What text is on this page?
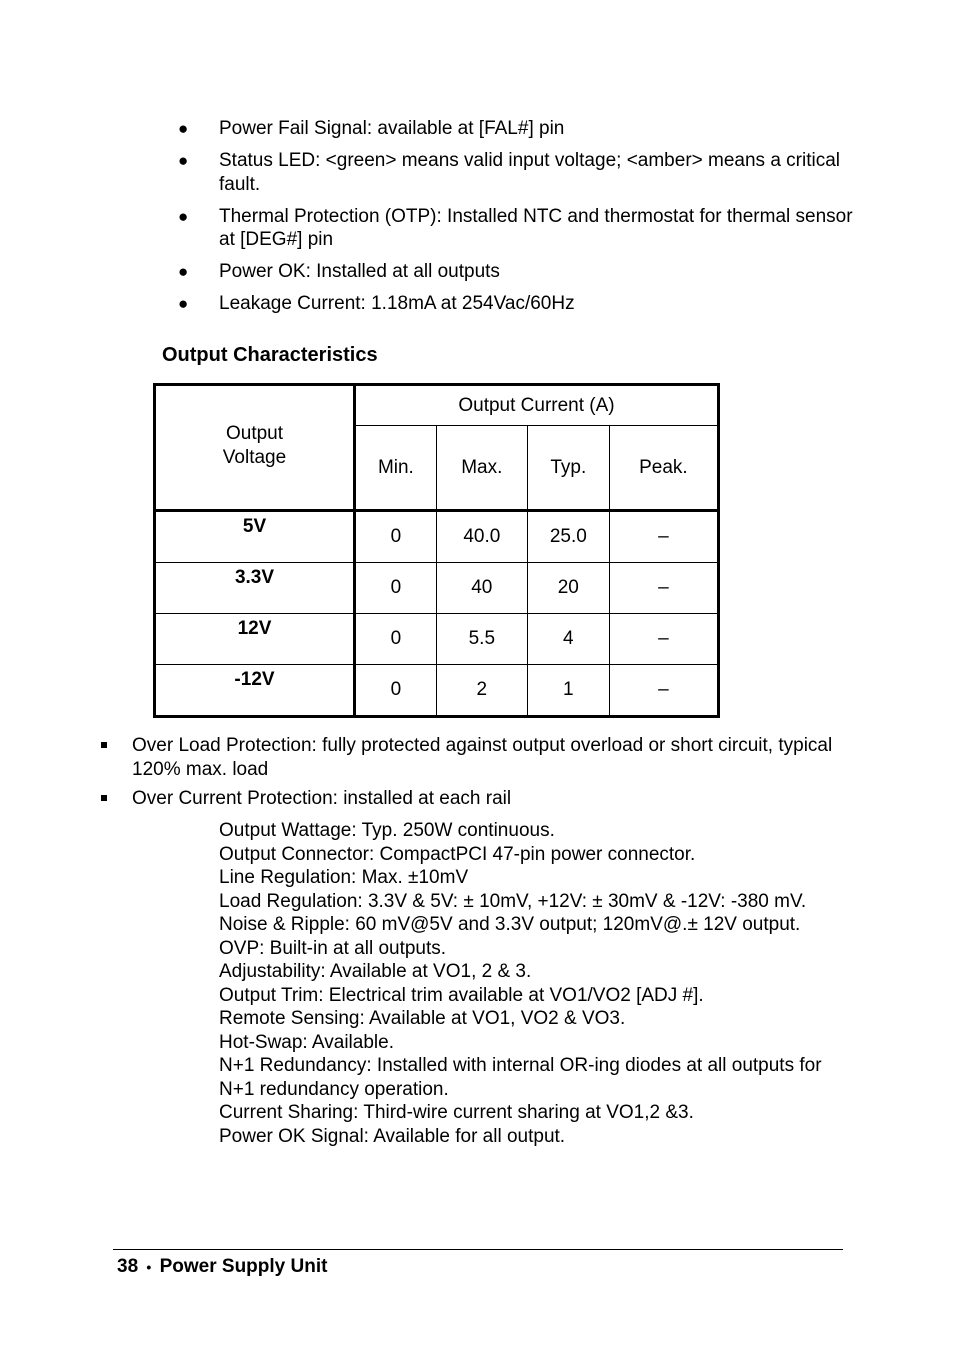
● Power Fail Signal: available at [FAL#] pin
● Status LED: <green> means valid input voltage; <amber> means a critical fault.
● Thermal Protection (OTP): Installed NTC and thermostat for thermal sensor at [DEG#] pin
● Power OK: Installed at all outputs
● Leakage Current: 1.18mA at 254Vac/60Hz
Output Characteristics
Output Voltage	Output Current (A)			
	Min.	Max.	Typ.	Peak.
5V	0	40.0	25.0	–
3.3V	0	40	20	–
12V	0	5.5	4	–
-12V	0	2	1	–
Over Load Protection: fully protected against output overload or short circuit, typical 120% max. load
Over Current Protection: installed at each rail
Output Wattage: Typ. 250W continuous.
Output Connector: CompactPCI 47-pin power connector.
Line Regulation: Max. ±10mV
Load Regulation: 3.3V & 5V: ± 10mV, +12V: ± 30mV & -12V: -380 mV.
Noise & Ripple: 60 mV@5V and 3.3V output; 120mV@.± 12V output.
OVP: Built-in at all outputs.
Adjustability: Available at VO1, 2 & 3.
Output Trim: Electrical trim available at VO1/VO2 [ADJ #].
Remote Sensing: Available at VO1, VO2 & VO3.
Hot-Swap: Available.
N+1 Redundancy: Installed with internal OR-ing diodes at all outputs for N+1 redundancy operation.
Current Sharing: Third-wire current sharing at VO1,2 &3.
Power OK Signal: Available for all output.
38 • Power Supply Unit
